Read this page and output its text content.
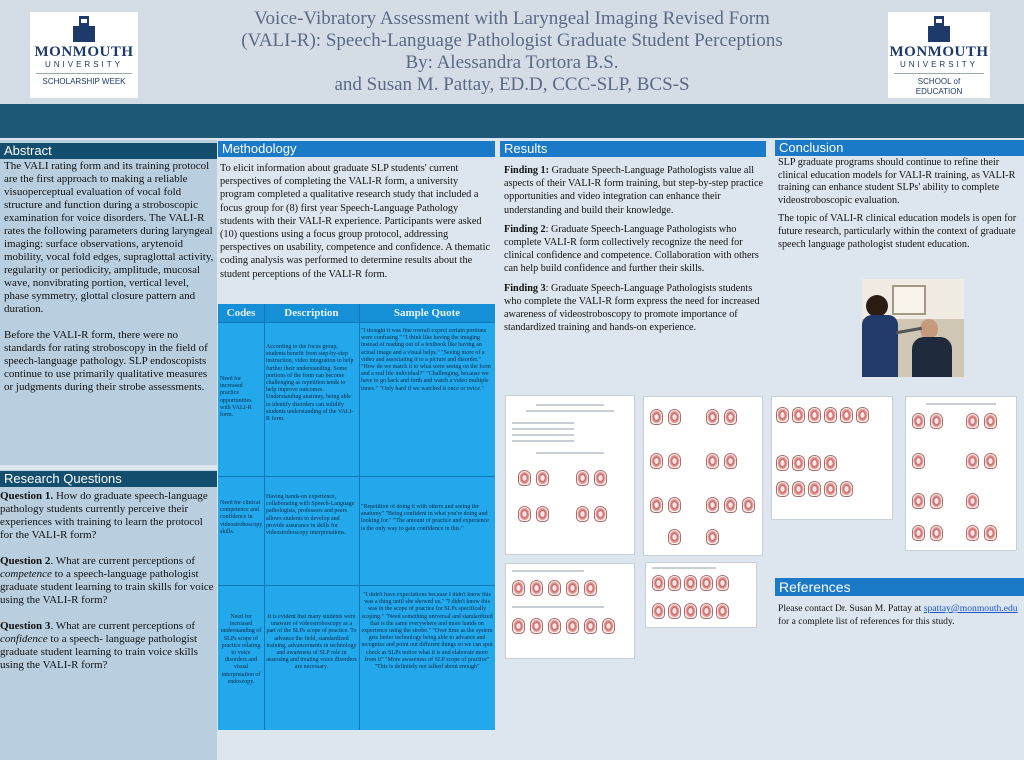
MONMOUTH
UNIVERSITY
SCHOLARSHIP WEEK
Voice-Vibratory Assessment with Laryngeal Imaging Revised Form
(VALI-R): Speech-Language Pathologist Graduate Student Perceptions
By: Alessandra Tortora B.S.
and Susan M. Pattay, ED.D, CCC-SLP, BCS-S
MONMOUTH
UNIVERSITY
SCHOOL of
EDUCATION
Abstract

The VALI rating form and its training protocol are the first approach to making a reliable visuoperceptual evaluation of vocal fold structure and function during a stroboscopic examination for voice disorders. The VALI-R rates the following parameters during laryngeal imaging: surface observations, arytenoid mobility, vocal fold edges, supraglottal activity, regularity or periodicity, amplitude, mucosal wave, nonvibrating portion, vertical level, phase symmetry, glottal closure pattern and duration.

Before the VALI-R form, there were no standards for rating stroboscopy in the field of speech-language pathology. SLP endoscopists continue to use primarily qualitative measures or judgments during their strobe assessments.

Research Questions

Question 1. How do graduate speech-language pathology students currently perceive their experiences with training to learn the protocol for the VALI-R form?

Question 2. What are current perceptions of competence to a speech-language pathologist graduate student learning to train skills for voice using the VALI-R form?

Question 3. What are current perceptions of confidence to a speech- language pathologist graduate student learning to train voice skills using the VALI-R form?

Methodology
To elicit information about graduate SLP students' current perspectives of completing the VALI-R form, a university program completed a qualitative research study that included a focus group for (8) first year Speech-Language Pathology students with their VALI-R experience. Participants were asked (10) questions using a focus group protocol, addressing perspectives on usability, competence and confidence. A thematic coding analysis was performed to determine results about the student perceptions of the VALI-R form.
Codes	Description	Sample Quote
Need for increased practice opportunities with VALI-R form.
According to the focus group, students benefit from step-by-step instruction, video integration to help further their understanding. Some portions of the form can become challenging as repetition tends to help improve outcomes. Understanding anatomy, being able to identify disorders can solidify students understanding of the VALI-R form.
"I thought it was fine overall expect certain portions were confusing." "I think like having the imaging instead of reading out of a textbook like having an actual image and a visual helps." "Seeing more of a video and associating it to a picture and disorder." "How do we match it to what were seeing on the form and a real life individual?" "Challenging, because we have to go back and forth and watch a video multiple times." "Only hard if we watched it once or twice."
Need for clinical competence and confidence in videostroboscopy skills.
Having hands-on experience, collaborating with Speech-Language pathologists, professors and peers allows students to develop and provide assurance in skills for videostroboscopy interpretations.
"Repetition of doing it with others and seeing the anatomy" "Being confident in what you're doing and looking for." "The amount of practice and experience is the only way to gain confidence in this."
Need for increased understanding of SLPs scope of practice relating to voice disorders and visual interpretation of endoscopy.
It is evident that many students were unaware of videostroboscopy as a part of the SLPs scope of practice. To advance the field, standardized training, advancements in technology and awareness of SLP role in assessing and treating voice disorders are necessary.
"I didn't have expectations because I didn't know this was a thing until she showed us." "I didn't know this was in the scope of practice for SLPs specifically scoping." "Need something universal and standardized that is the same everywhere and more hands on experience using the strobe." "Over time as the system gets better technology being able to advance and recognize and point out different things so we can spot check as SLPs notice what it is and elaborate more from it" "More awareness of SLP scope of practice" "This is definitely not talked about enough"
Results

Finding 1: Graduate Speech-Language Pathologists value all aspects of their VALI-R form training, but step-by-step practice opportunities and video integration can enhance their understanding and build their knowledge.

Finding 2: Graduate Speech-Language Pathologists who complete VALI-R form collectively recognize the need for clinical confidence and competence. Collaboration with others can help build confidence and further their skills.

Finding 3: Graduate Speech-Language Pathologists students who complete the VALI-R form express the need for increased awareness of videostroboscopy to promote importance of standardized training and hands-on experience.

Conclusion

SLP graduate programs should continue to refine their clinical education models for VALI-R training, as VALI-R training can enhance student SLPs' ability to complete videostroboscopic evaluation.

The topic of VALI-R clinical education models is open for future research, particularly within the context of graduate speech language pathologist student education.

References
Please contact Dr. Susan M. Pattay at spattay@monmouth.edu
for a complete list of references for this study.
